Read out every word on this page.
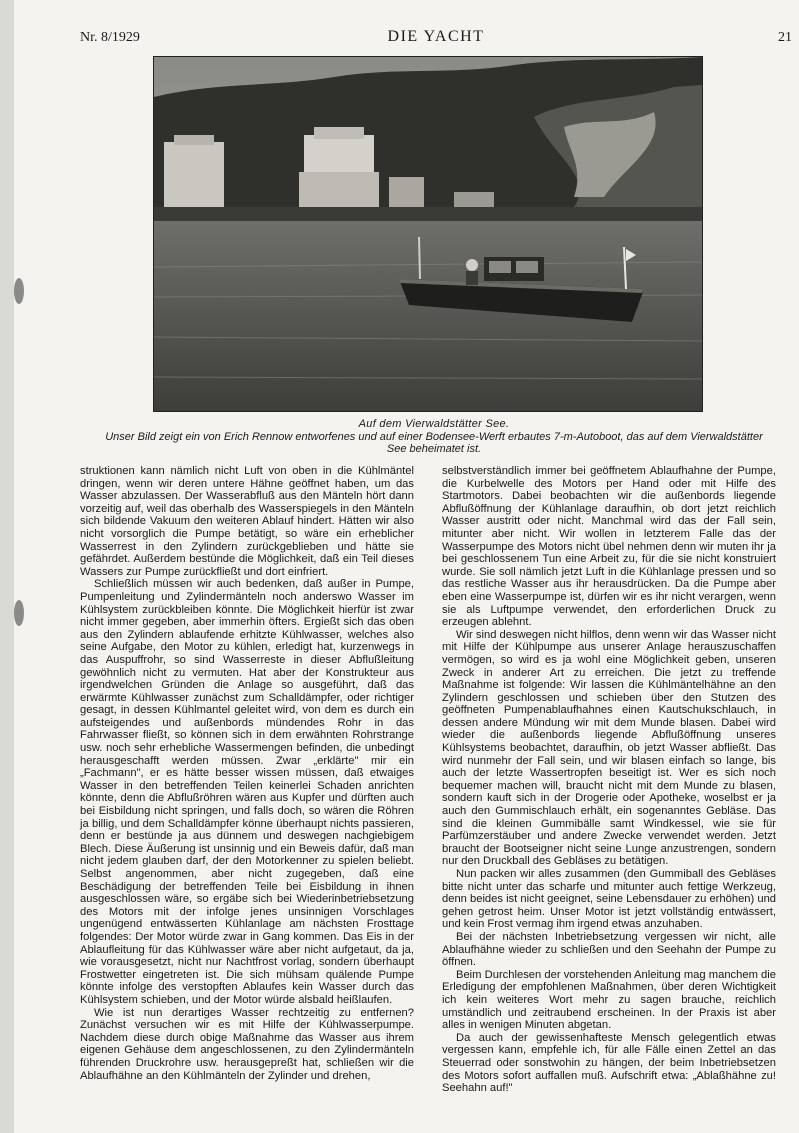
Nr. 8/1929	DIE YACHT	21
Auf dem Vierwaldstätter See.
Unser Bild zeigt ein von Erich Rennow entworfenes und auf einer Bodensee-Werft erbautes 7-m-Autoboot, das auf dem Vierwaldstätter See beheimatet ist.

struktionen kann nämlich nicht Luft von oben in die Kühlmäntel dringen, wenn wir deren untere Hähne geöffnet haben, um das Wasser abzulassen. Der Wasserabfluß aus den Mänteln hört dann vorzeitig auf, weil das oberhalb des Wasserspiegels in den Mänteln sich bildende Vakuum den weiteren Ablauf hindert. Hätten wir also nicht vorsorglich die Pumpe betätigt, so wäre ein erheblicher Wasserrest in den Zylindern zurückgeblieben und hätte sie gefährdet. Außerdem bestünde die Möglichkeit, daß ein Teil dieses Wassers zur Pumpe zurückfließt und dort einfriert.

Schließlich müssen wir auch bedenken, daß außer in Pumpe, Pumpenleitung und Zylindermänteln noch anderswo Wasser im Kühlsystem zurückbleiben könnte. Die Möglichkeit hierfür ist zwar nicht immer gegeben, aber immerhin öfters. Ergießt sich das oben aus den Zylindern ablaufende erhitzte Kühlwasser, welches also seine Aufgabe, den Motor zu kühlen, erledigt hat, kurzenwegs in das Auspuffrohr, so sind Wasserreste in dieser Abflußleitung gewöhnlich nicht zu vermuten. Hat aber der Konstrukteur aus irgendwelchen Gründen die Anlage so ausgeführt, daß das erwärmte Kühlwasser zunächst zum Schalldämpfer, oder richtiger gesagt, in dessen Kühlmantel geleitet wird, von dem es durch ein aufsteigendes und außenbords mündendes Rohr in das Fahrwasser fließt, so können sich in dem erwähnten Rohrstrange usw. noch sehr erhebliche Wassermengen befinden, die unbedingt herausgeschafft werden müssen. Zwar „erklärte" mir ein „Fachmann", er es hätte besser wissen müssen, daß etwaiges Wasser in den betreffenden Teilen keinerlei Schaden anrichten könnte, denn die Abflußröhren wären aus Kupfer und dürften auch bei Eisbildung nicht springen, und falls doch, so wären die Röhren ja billig, und dem Schalldämpfer könne überhaupt nichts passieren, denn er bestünde ja aus dünnem und deswegen nachgiebigem Blech. Diese Äußerung ist unsinnig und ein Beweis dafür, daß man nicht jedem glauben darf, der den Motorkenner zu spielen beliebt. Selbst angenommen, aber nicht zugegeben, daß eine Beschädigung der betreffenden Teile bei Eisbildung in ihnen ausgeschlossen wäre, so ergäbe sich bei Wiederinbetriebsetzung des Motors mit der infolge jenes unsinnigen Vorschlages ungenügend entwässerten Kühlanlage am nächsten Frosttage folgendes: Der Motor würde zwar in Gang kommen. Das Eis in der Ablaufleitung für das Kühlwasser wäre aber nicht aufgetaut, da ja, wie vorausgesetzt, nicht nur Nachtfrost vorlag, sondern überhaupt Frostwetter eingetreten ist. Die sich mühsam quälende Pumpe könnte infolge des verstopften Ablaufes kein Wasser durch das Kühlsystem schieben, und der Motor würde alsbald heißlaufen.

Wie ist nun derartiges Wasser rechtzeitig zu entfernen? Zunächst versuchen wir es mit Hilfe der Kühlwasserpumpe. Nachdem diese durch obige Maßnahme das Wasser aus ihrem eigenen Gehäuse dem angeschlossenen, zu den Zylindermänteln führenden Druckrohre usw. herausgepreßt hat, schließen wir die Ablaufhähne an den Kühlmänteln der Zylinder und drehen,

selbstverständlich immer bei geöffnetem Ablaufhahne der Pumpe, die Kurbelwelle des Motors per Hand oder mit Hilfe des Startmotors. Dabei beobachten wir die außenbords liegende Abflußöffnung der Kühlanlage daraufhin, ob dort jetzt reichlich Wasser austritt oder nicht. Manchmal wird das der Fall sein, mitunter aber nicht. Wir wollen in letzterem Falle das der Wasserpumpe des Motors nicht übel nehmen denn wir muten ihr ja bei geschlossenem Tun eine Arbeit zu, für die sie nicht konstruiert wurde. Sie soll nämlich jetzt Luft in die Kühlanlage pressen und so das restliche Wasser aus ihr herausdrücken. Da die Pumpe aber eben eine Wasserpumpe ist, dürfen wir es ihr nicht verargen, wenn sie als Luftpumpe verwendet, den erforderlichen Druck zu erzeugen ablehnt.

Wir sind deswegen nicht hilflos, denn wenn wir das Wasser nicht mit Hilfe der Kühlpumpe aus unserer Anlage herauszuschaffen vermögen, so wird es ja wohl eine Möglichkeit geben, unseren Zweck in anderer Art zu erreichen. Die jetzt zu treffende Maßnahme ist folgende: Wir lassen die Kühlmäntelhähne an den Zylindern geschlossen und schieben über den Stutzen des geöffneten Pumpenablaufhahnes einen Kautschukschlauch, in dessen andere Mündung wir mit dem Munde blasen. Dabei wird wieder die außenbords liegende Abflußöffnung unseres Kühlsystems beobachtet, daraufhin, ob jetzt Wasser abfließt. Das wird nunmehr der Fall sein, und wir blasen einfach so lange, bis auch der letzte Wassertropfen beseitigt ist. Wer es sich noch bequemer machen will, braucht nicht mit dem Munde zu blasen, sondern kauft sich in der Drogerie oder Apotheke, woselbst er ja auch den Gummischlauch erhält, ein sogenanntes Gebläse. Das sind die kleinen Gummibälle samt Windkessel, wie sie für Parfümzerstäuber und andere Zwecke verwendet werden. Jetzt braucht der Bootseigner nicht seine Lunge anzustrengen, sondern nur den Druckball des Gebläses zu betätigen.

Nun packen wir alles zusammen (den Gummiball des Gebläses bitte nicht unter das scharfe und mitunter auch fettige Werkzeug, denn beides ist nicht geeignet, seine Lebensdauer zu erhöhen) und gehen getrost heim. Unser Motor ist jetzt vollständig entwässert, und kein Frost vermag ihm irgend etwas anzuhaben.

Bei der nächsten Inbetriebsetzung vergessen wir nicht, alle Ablaufhähne wieder zu schließen und den Seehahn der Pumpe zu öffnen.

Beim Durchlesen der vorstehenden Anleitung mag manchem die Erledigung der empfohlenen Maßnahmen, über deren Wichtigkeit ich kein weiteres Wort mehr zu sagen brauche, reichlich umständlich und zeitraubend erscheinen. In der Praxis ist aber alles in wenigen Minuten abgetan.

Da auch der gewissenhafteste Mensch gelegentlich etwas vergessen kann, empfehle ich, für alle Fälle einen Zettel an das Steuerrad oder sonstwohin zu hängen, der beim Inbetriebsetzen des Motors sofort auffallen muß. Aufschrift etwa: „Ablaßhähne zu! Seehahn auf!"
